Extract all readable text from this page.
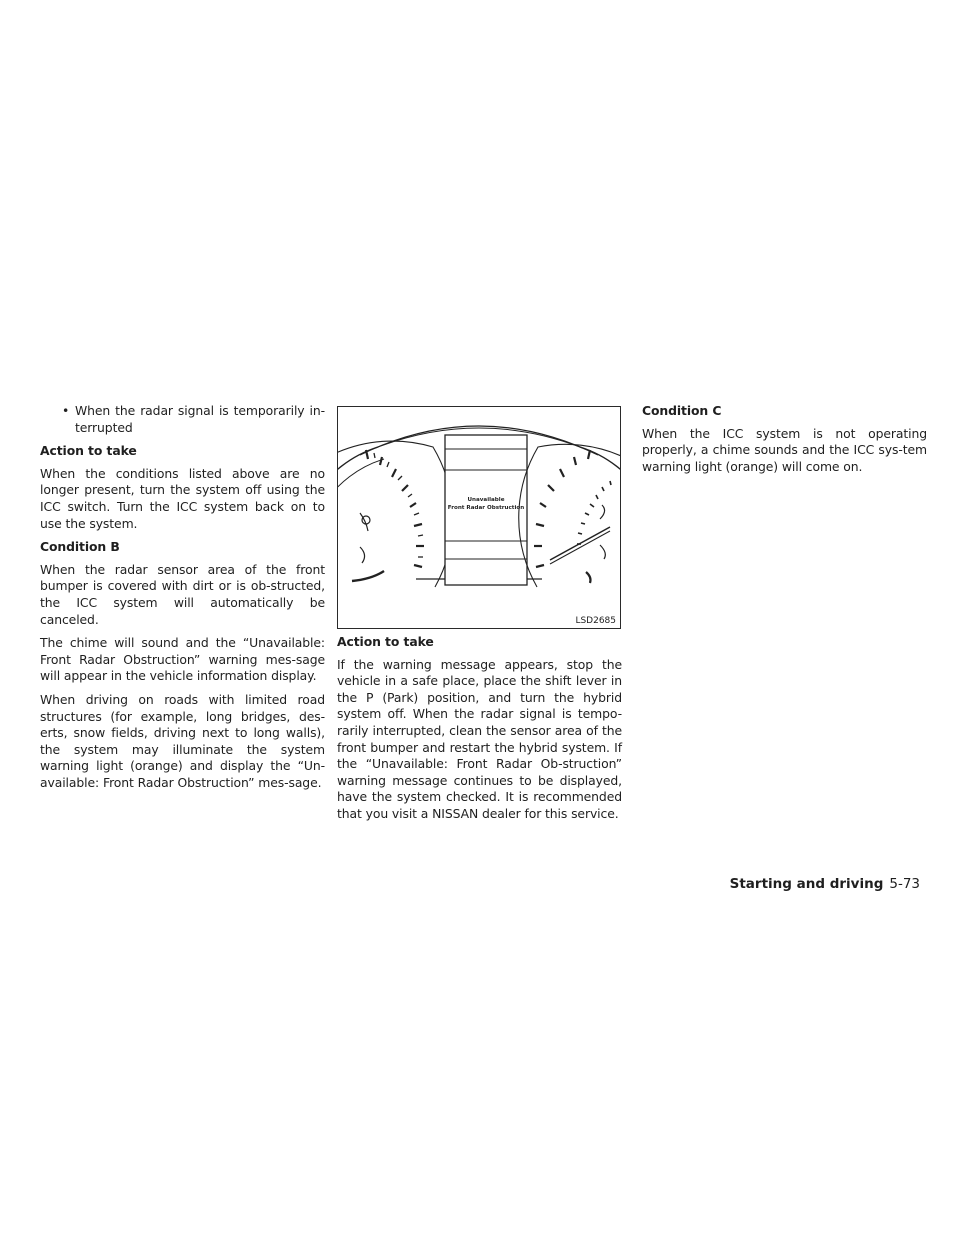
• When the radar signal is temporarily in-terrupted
Action to take

When the conditions listed above are no longer present, turn the system off using the ICC switch. Turn the ICC system back on to use the system.

Condition B

When the radar sensor area of the front bumper is covered with dirt or is ob-structed, the ICC system will automatically be canceled.

The chime will sound and the “Unavailable: Front Radar Obstruction” warning mes-sage will appear in the vehicle information display.

When driving on roads with limited road structures (for example, long bridges, des-erts, snow fields, driving next to long walls), the system may illuminate the system warning light (orange) and display the “Un-available: Front Radar Obstruction” mes-sage.

Unavailable
Front Radar Obstruction
LSD2685
Action to take

If the warning message appears, stop the vehicle in a safe place, place the shift lever in the P (Park) position, and turn the hybrid system off. When the radar signal is tempo-rarily interrupted, clean the sensor area of the front bumper and restart the hybrid system. If the “Unavailable: Front Radar Ob-struction” warning message continues to be displayed, have the system checked. It is recommended that you visit a NISSAN dealer for this service.

Condition C

When the ICC system is not operating properly, a chime sounds and the ICC sys-tem warning light (orange) will come on.

Starting and driving 5-73
